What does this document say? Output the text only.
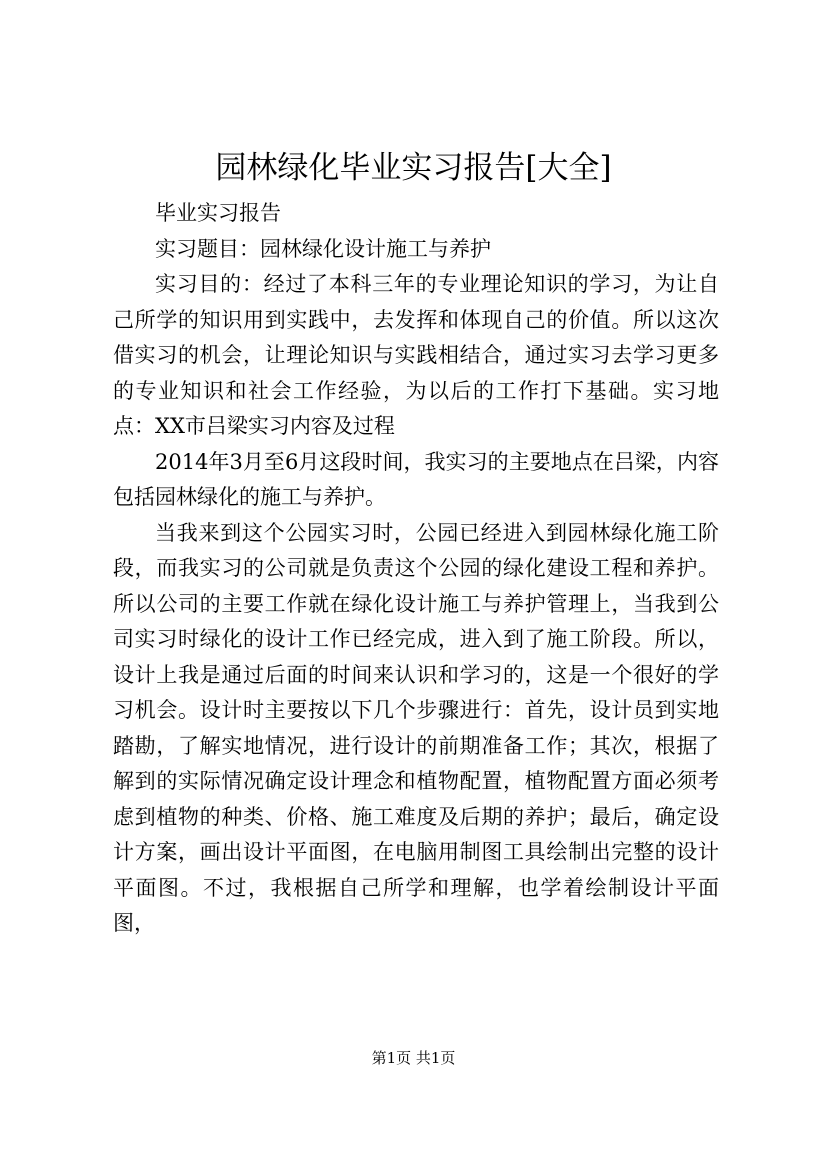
园林绿化毕业实习报告[大全]

毕业实习报告

实习题目：园林绿化设计施工与养护

实习目的：经过了本科三年的专业理论知识的学习，为让自己所学的知识用到实践中，去发挥和体现自己的价值。所以这次借实习的机会，让理论知识与实践相结合，通过实习去学习更多的专业知识和社会工作经验，为以后的工作打下基础。实习地点：XX市吕梁实习内容及过程

2014年3月至6月这段时间，我实习的主要地点在吕梁，内容包括园林绿化的施工与养护。

当我来到这个公园实习时，公园已经进入到园林绿化施工阶段，而我实习的公司就是负责这个公园的绿化建设工程和养护。所以公司的主要工作就在绿化设计施工与养护管理上，当我到公司实习时绿化的设计工作已经完成，进入到了施工阶段。所以，设计上我是通过后面的时间来认识和学习的，这是一个很好的学习机会。设计时主要按以下几个步骤进行：首先，设计员到实地踏勘，了解实地情况，进行设计的前期准备工作；其次，根据了解到的实际情况确定设计理念和植物配置，植物配置方面必须考虑到植物的种类、价格、施工难度及后期的养护；最后，确定设计方案，画出设计平面图，在电脑用制图工具绘制出完整的设计平面图。不过，我根据自己所学和理解，也学着绘制设计平面图，

第1页 共1页
